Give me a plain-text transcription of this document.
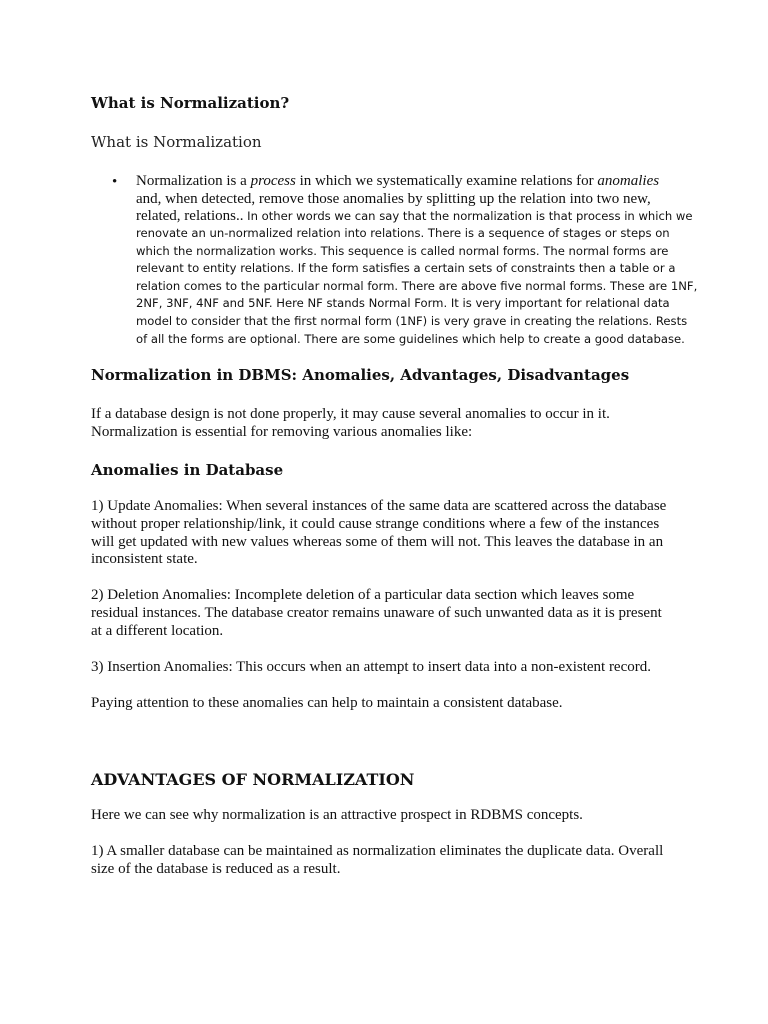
What is Normalization?
What is Normalization
• Normalization is a process in which we systematically examine relations for anomalies
and, when detected, remove those anomalies by splitting up the relation into two new,
related, relations.. In other words we can say that the normalization is that process in which we
renovate an un-normalized relation into relations. There is a sequence of stages or steps on
which the normalization works. This sequence is called normal forms. The normal forms are
relevant to entity relations. If the form satisfies a certain sets of constraints then a table or a
relation comes to the particular normal form. There are above five normal forms. These are 1NF,
2NF, 3NF, 4NF and 5NF. Here NF stands Normal Form. It is very important for relational data
model to consider that the first normal form (1NF) is very grave in creating the relations. Rests
of all the forms are optional. There are some guidelines which help to create a good database.
Normalization in DBMS: Anomalies, Advantages, Disadvantages
If a database design is not done properly, it may cause several anomalies to occur in it.
Normalization is essential for removing various anomalies like:
Anomalies in Database
1) Update Anomalies: When several instances of the same data are scattered across the database
without proper relationship/link, it could cause strange conditions where a few of the instances
will get updated with new values whereas some of them will not. This leaves the database in an
inconsistent state.
2) Deletion Anomalies: Incomplete deletion of a particular data section which leaves some
residual instances. The database creator remains unaware of such unwanted data as it is present
at a different location.
3) Insertion Anomalies: This occurs when an attempt to insert data into a non-existent record.
Paying attention to these anomalies can help to maintain a consistent database.
ADVANTAGES OF NORMALIZATION
Here we can see why normalization is an attractive prospect in RDBMS concepts.
1) A smaller database can be maintained as normalization eliminates the duplicate data. Overall
size of the database is reduced as a result.
